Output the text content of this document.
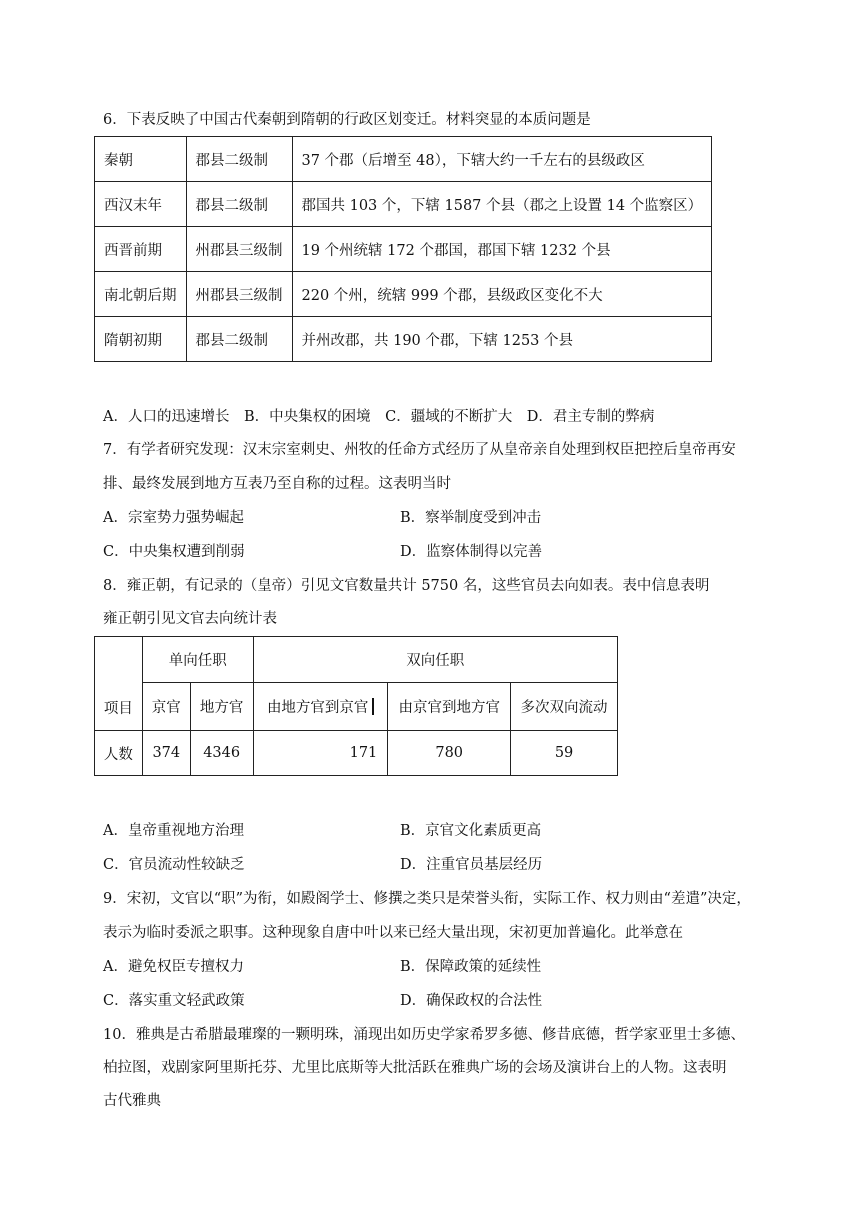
6．下表反映了中国古代秦朝到隋朝的行政区划变迁。材料突显的本质问题是
秦朝	郡县二级制	37 个郡（后增至 48），下辖大约一千左右的县级政区
西汉末年	郡县二级制	郡国共 103 个，下辖 1587 个县（郡之上设置 14 个监察区）
西晋前期	州郡县三级制	19 个州统辖 172 个郡国，郡国下辖 1232 个县
南北朝后期	州郡县三级制	220 个州，统辖 999 个郡，县级政区变化不大
隋朝初期	郡县二级制	并州改郡，共 190 个郡，下辖 1253 个县
A．人口的迅速增长　B．中央集权的困境　C．疆域的不断扩大　D．君主专制的弊病
7．有学者研究发现：汉末宗室刺史、州牧的任命方式经历了从皇帝亲自处理到权臣把控后皇帝再安
排、最终发展到地方互表乃至自称的过程。这表明当时
A．宗室势力强势崛起	B．察举制度受到冲击
C．中央集权遭到削弱	D．监察体制得以完善
8．雍正朝，有记录的（皇帝）引见文官数量共计 5750 名，这些官员去向如表。表中信息表明
雍正朝引见文官去向统计表
项目	单向任职		双向任职		
	京官	地方官	由地方官到京官	由京官到地方官	多次双向流动
人数	374	4346	171	780	59
A．皇帝重视地方治理	B．京官文化素质更高
C．官员流动性较缺乏	D．注重官员基层经历
9．宋初，文官以“职”为衔，如殿阁学士、修撰之类只是荣誉头衔，实际工作、权力则由“差遣”决定，
表示为临时委派之职事。这种现象自唐中叶以来已经大量出现，宋初更加普遍化。此举意在
A．避免权臣专擅权力	B．保障政策的延续性
C．落实重文轻武政策	D．确保政权的合法性
10．雅典是古希腊最璀璨的一颗明珠，涌现出如历史学家希罗多德、修昔底德，哲学家亚里士多德、
柏拉图，戏剧家阿里斯托芬、尤里比底斯等大批活跃在雅典广场的会场及演讲台上的人物。这表明
古代雅典
